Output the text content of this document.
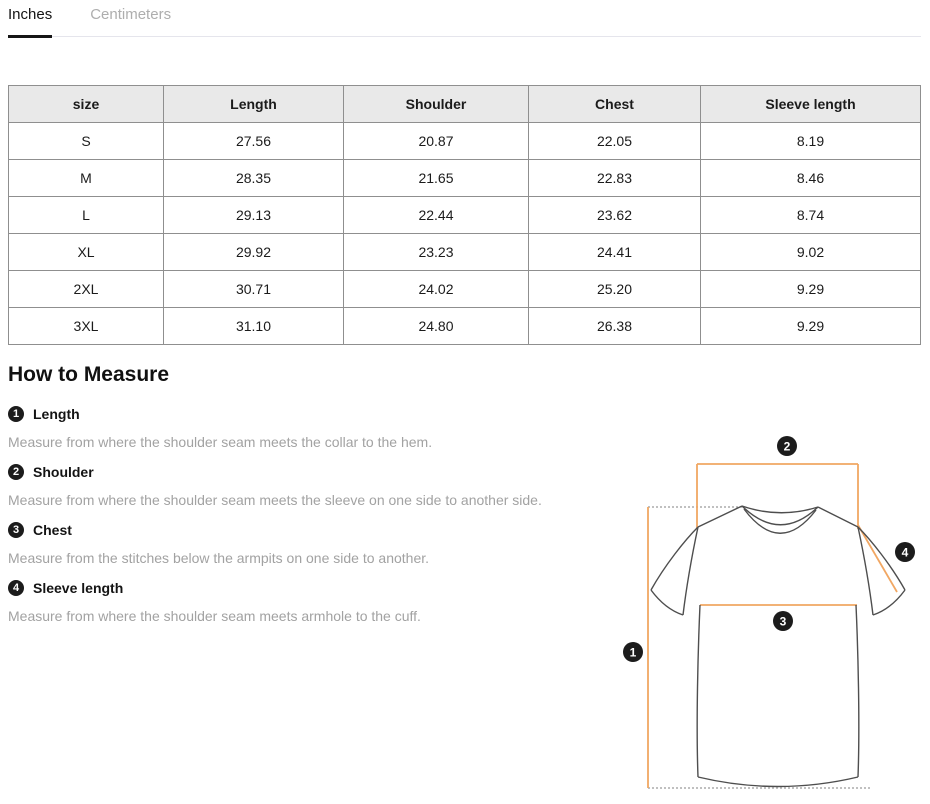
Inches	Centimeters
size	Length	Shoulder	Chest	Sleeve length
S	27.56	20.87	22.05	8.19
M	28.35	21.65	22.83	8.46
L	29.13	22.44	23.62	8.74
XL	29.92	23.23	24.41	9.02
2XL	30.71	24.02	25.20	9.29
3XL	31.10	24.80	26.38	9.29
How to Measure
1 Length
Measure from where the shoulder seam meets the collar to the hem.
2 Shoulder
Measure from where the shoulder seam meets the sleeve on one side to another side.
3 Chest
Measure from the stitches below the armpits on one side to another.
4 Sleeve length
Measure from where the shoulder seam meets armhole to the cuff.
1
2
3
4
